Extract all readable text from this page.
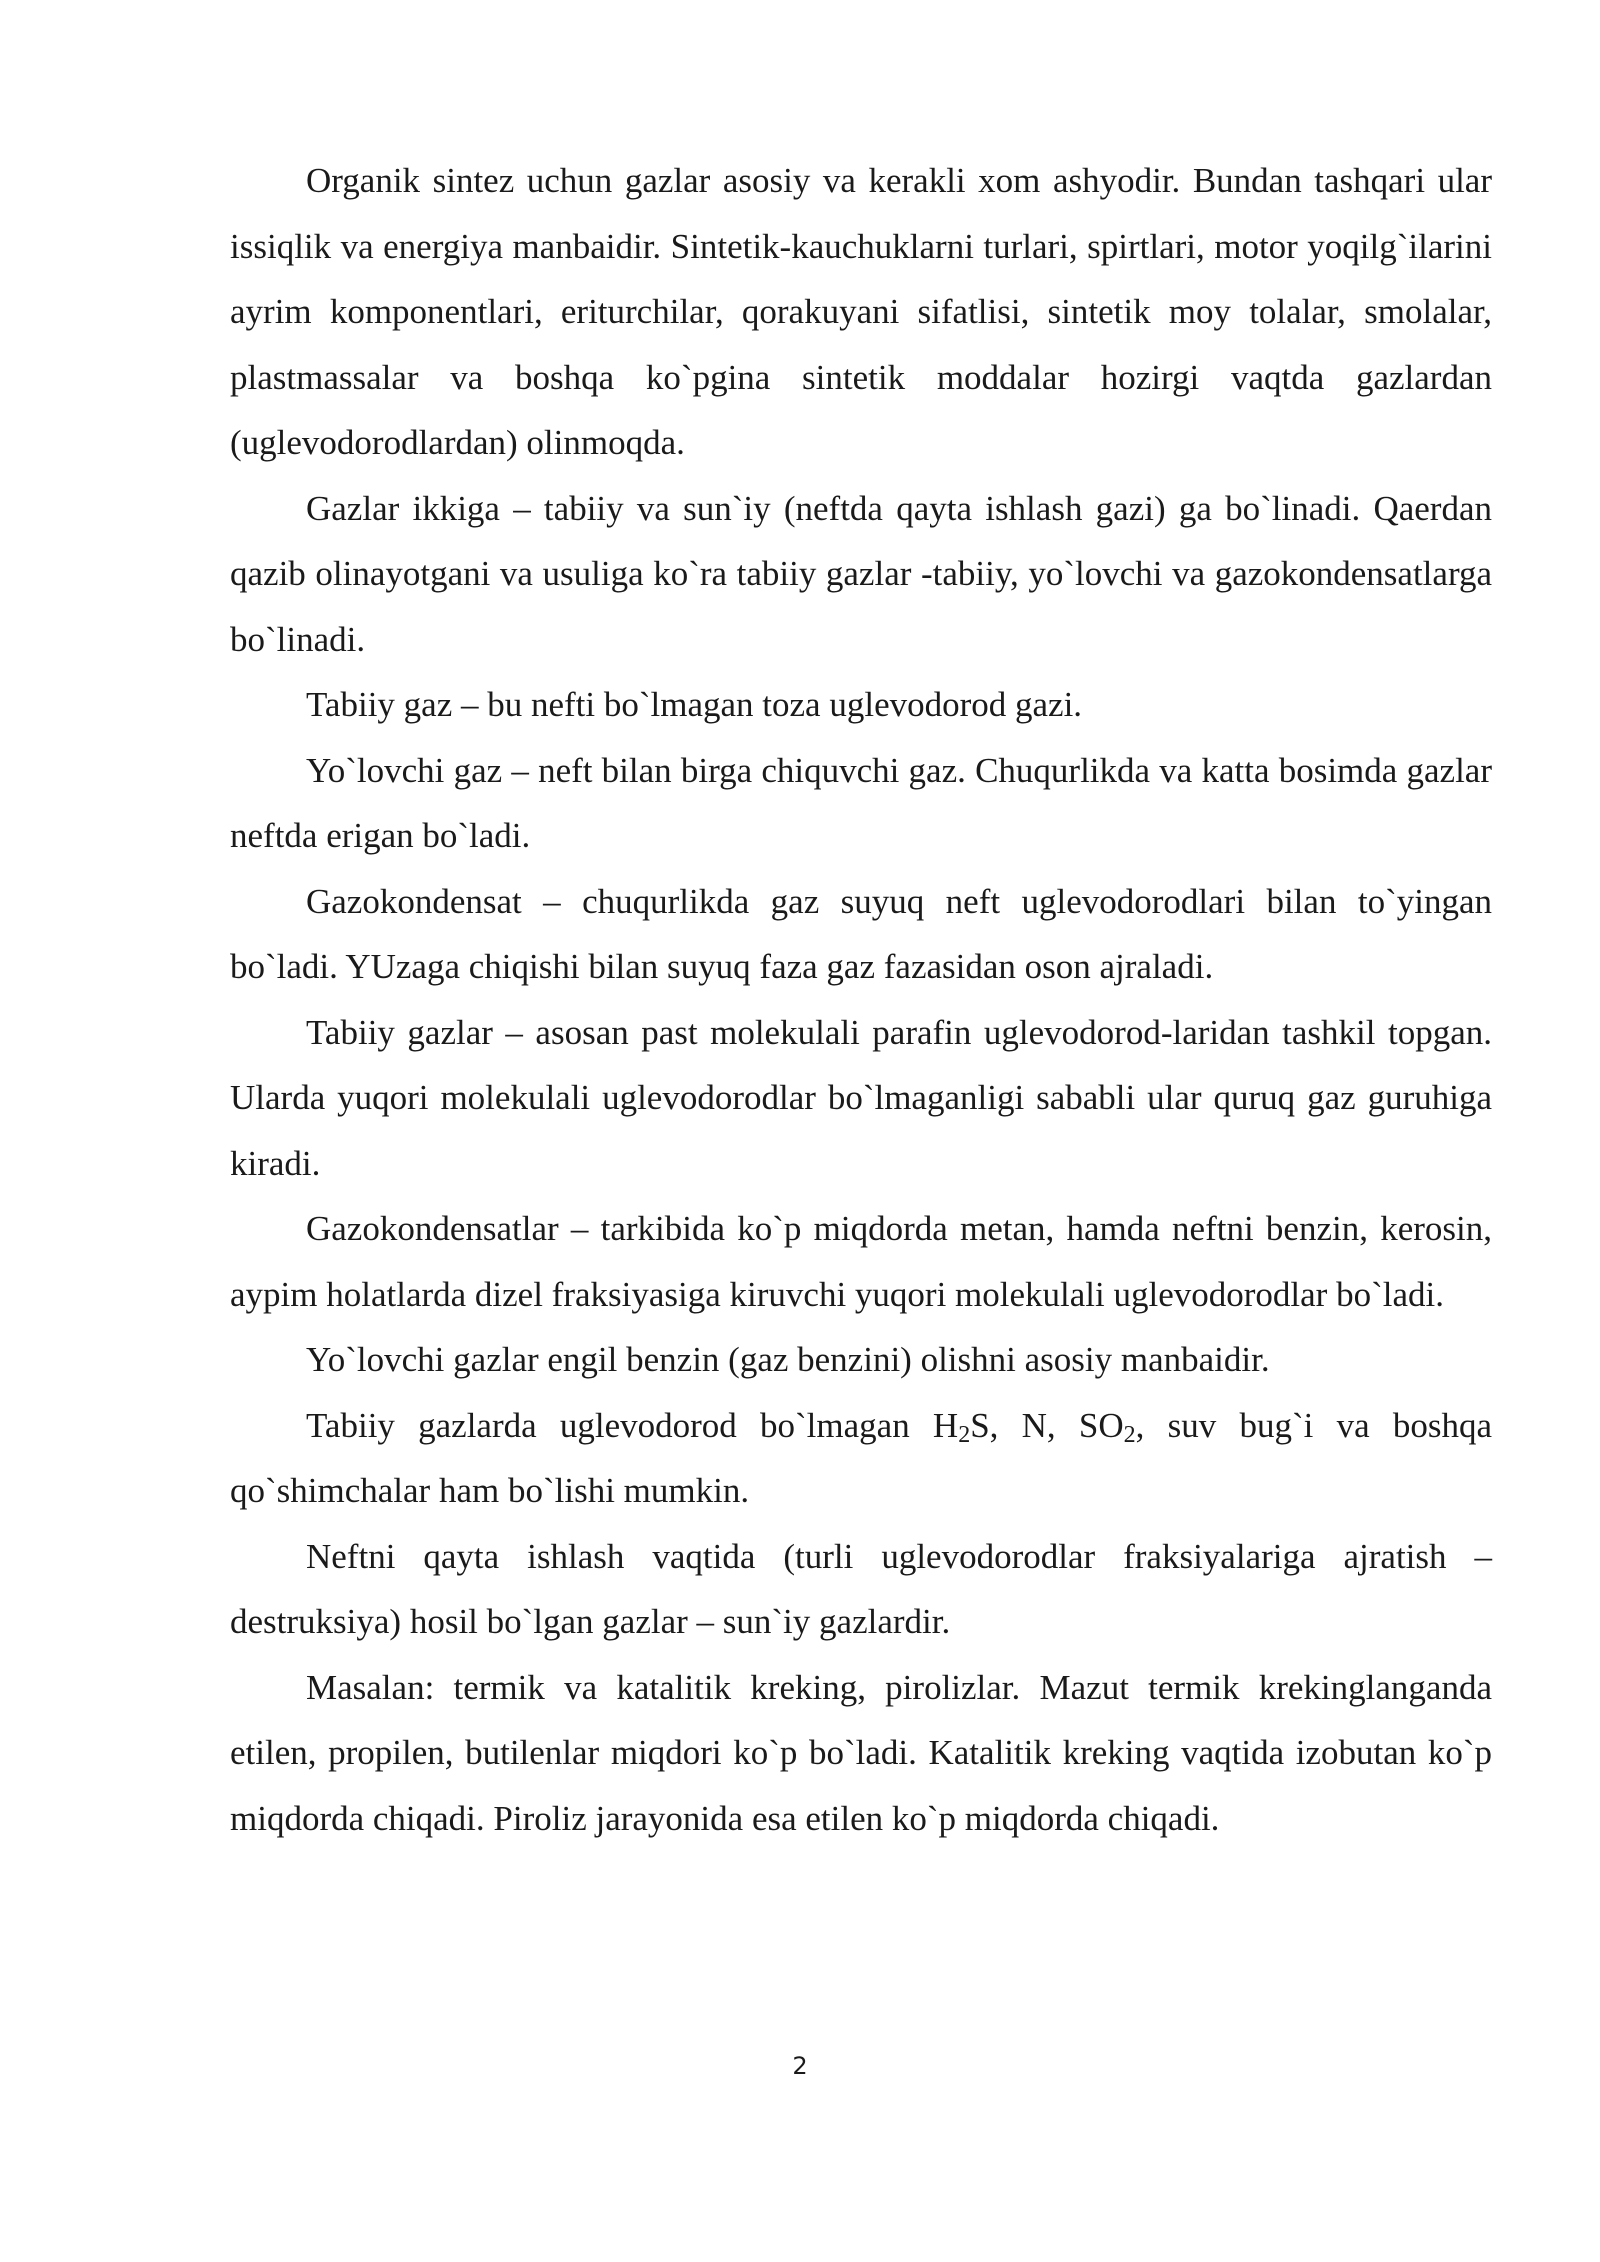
Organik sintez uchun gazlar asosiy va kerakli xom ashyodir. Bundan tashqari ular issiqlik va energiya manbaidir. Sintetik-kauchuklarni turlari, spirtlari, motor yoqilg`ilarini ayrim komponentlari, eriturchilar, qorakuyani sifatlisi, sintetik moy tolalar, smolalar, plastmassalar va boshqa ko`pgina sintetik moddalar hozirgi vaqtda gazlardan (uglevodorodlardan) olinmoqda.

Gazlar ikkiga – tabiiy va sun`iy (neftda qayta ishlash gazi) ga bo`linadi. Qaerdan qazib olinayotgani va usuliga ko`ra tabiiy gazlar -tabiiy, yo`lovchi va gazokondensatlarga bo`linadi.

Tabiiy gaz – bu nefti bo`lmagan toza uglevodorod gazi.

Yo`lovchi gaz – neft bilan birga chiquvchi gaz. Chuqurlikda va katta bosimda gazlar neftda erigan bo`ladi.

Gazokondensat – chuqurlikda gaz suyuq neft uglevodorodlari bilan to`yingan bo`ladi. YUzaga chiqishi bilan suyuq faza gaz fazasidan oson ajraladi.

Tabiiy gazlar – asosan past molekulali parafin uglevodorod-laridan tashkil topgan. Ularda yuqori molekulali uglevodorodlar bo`lmaganligi sababli ular quruq gaz guruhiga kiradi.

Gazokondensatlar – tarkibida ko`p miqdorda metan, hamda neftni benzin, kerosin, aypim holatlarda dizel fraksiyasiga kiruvchi yuqori molekulali uglevodorodlar bo`ladi.

Yo`lovchi gazlar engil benzin (gaz benzini) olishni asosiy manbaidir.

Tabiiy gazlarda uglevodorod bo`lmagan $H_2S$, N, $SO_2$, suv bug`i va boshqa qo`shimchalar ham bo`lishi mumkin.

Neftni qayta ishlash vaqtida (turli uglevodorodlar fraksiyalariga ajratish – destruksiya) hosil bo`lgan gazlar – sun`iy gazlardir.

Masalan: termik va katalitik kreking, pirolizlar. Mazut termik krekinglanganda etilen, propilen, butilenlar miqdori ko`p bo`ladi. Katalitik kreking vaqtida izobutan ko`p miqdorda chiqadi. Piroliz jarayonida esa etilen ko`p miqdorda chiqadi.

2
